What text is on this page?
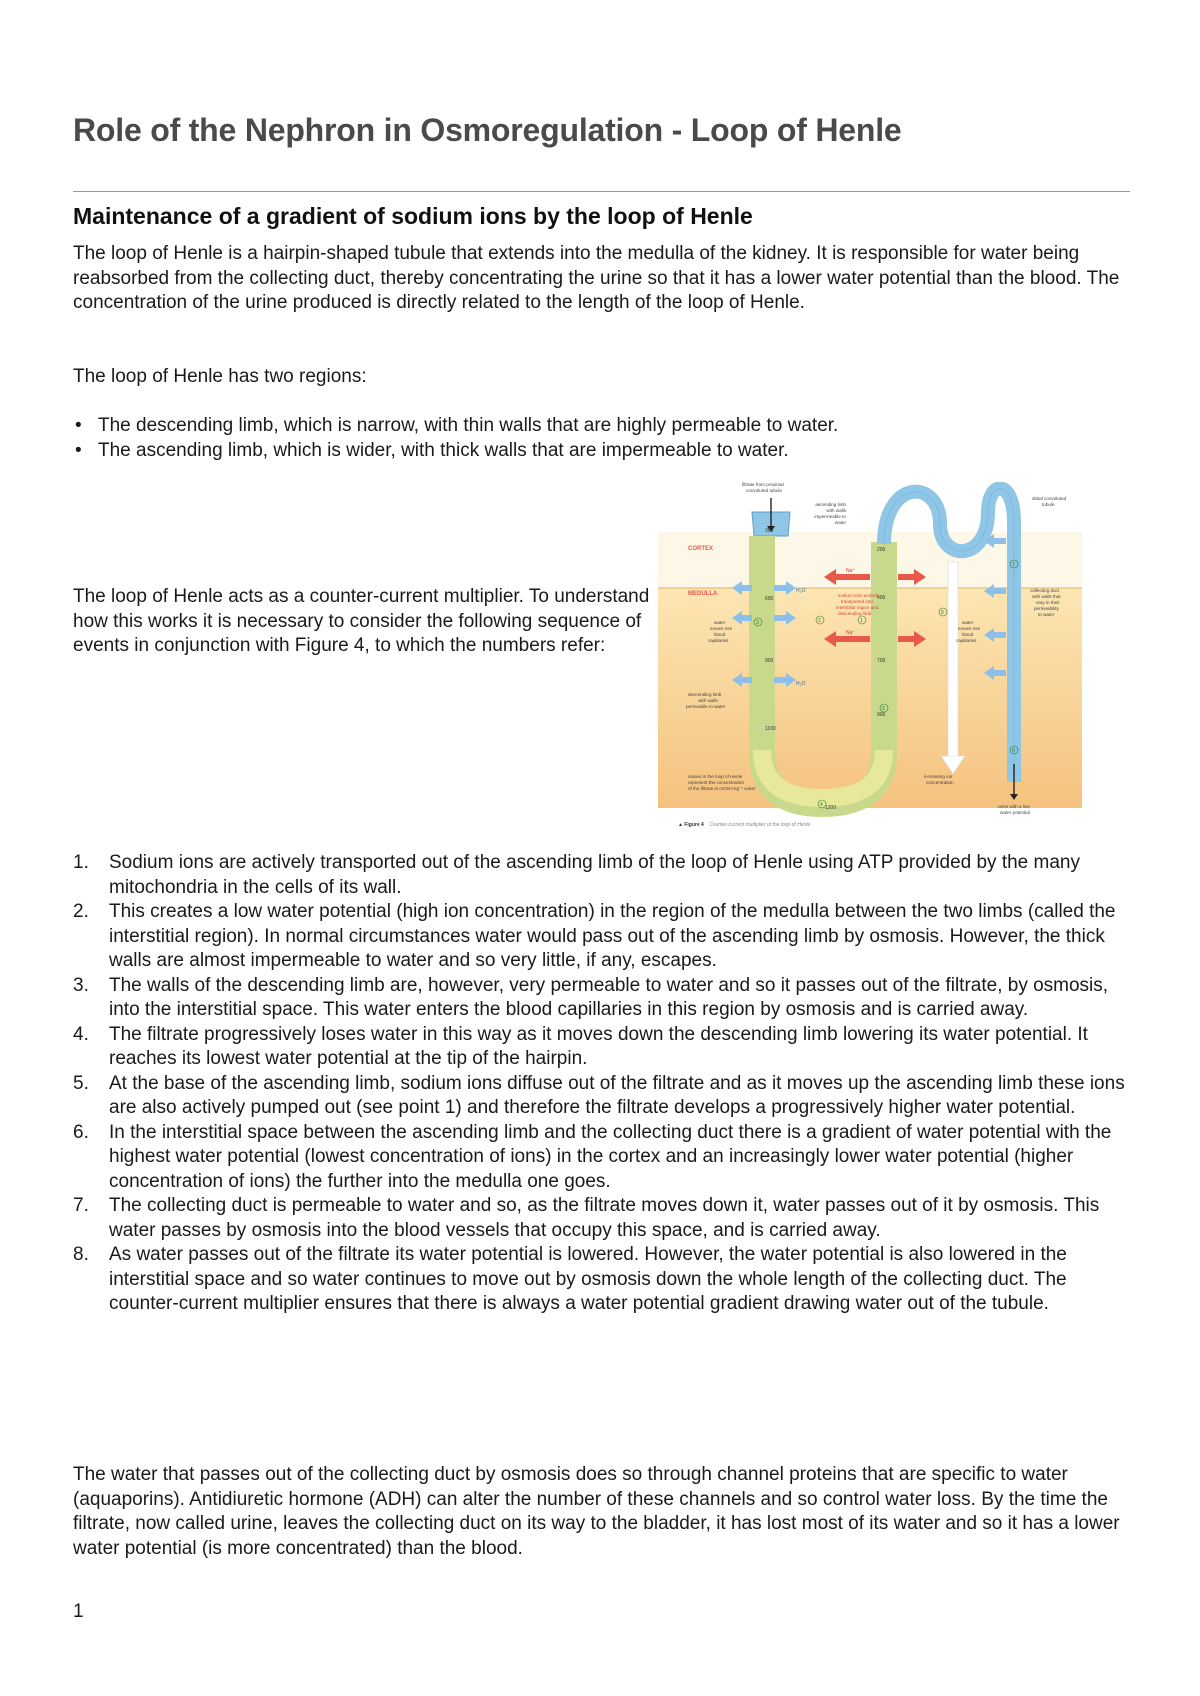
Role of the Nephron in Osmoregulation - Loop of Henle
Maintenance of a gradient of sodium ions by the loop of Henle

The loop of Henle is a hairpin-shaped tubule that extends into the medulla of the kidney. It is responsible for water being reabsorbed from the collecting duct, thereby concentrating the urine so that it has a lower water potential than the blood. The concentration of the urine produced is directly related to the length of the loop of Henle.

The loop of Henle has two regions:

• The descending limb, which is narrow, with thin walls that are highly permeable to water.
• The ascending limb, which is wider, with thick walls that are impermeable to water.

The loop of Henle acts as a counter-current multiplier. To understand how this works it is necessary to consider the following sequence of events in conjunction with Figure 4, to which the numbers refer:

1. Sodium ions are actively transported out of the ascending limb of the loop of Henle using ATP provided by the many mitochondria in the cells of its wall.
2. This creates a low water potential (high ion concentration) in the region of the medulla between the two limbs (called the interstitial region). In normal circumstances water would pass out of the ascending limb by osmosis. However, the thick walls are almost impermeable to water and so very little, if any, escapes.
3. The walls of the descending limb are, however, very permeable to water and so it passes out of the filtrate, by osmosis, into the interstitial space. This water enters the blood capillaries in this region by osmosis and is carried away.
4. The filtrate progressively loses water in this way as it moves down the descending limb lowering its water potential. It reaches its lowest water potential at the tip of the hairpin.
5. At the base of the ascending limb, sodium ions diffuse out of the filtrate and as it moves up the ascending limb these ions are also actively pumped out (see point 1) and therefore the filtrate develops a progressively higher water potential.
6. In the interstitial space between the ascending limb and the collecting duct there is a gradient of water potential with the highest water potential (lowest concentration of ions) in the cortex and an increasingly lower water potential (higher concentration of ions) the further into the medulla one goes.
7. The collecting duct is permeable to water and so, as the filtrate moves down it, water passes out of it by osmosis. This water passes by osmosis into the blood vessels that occupy this space, and is carried away.
8. As water passes out of the filtrate its water potential is lowered. However, the water potential is also lowered in the interstitial space and so water continues to move out by osmosis down the whole length of the collecting duct. The counter-current multiplier ensures that there is always a water potential gradient drawing water out of the tubule.

The water that passes out of the collecting duct by osmosis does so through channel proteins that are specific to water (aquaporins). Antidiuretic hormone (ADH) can alter the number of these channels and so control water loss. By the time the filtrate, now called urine, leaves the collecting duct on its way to the bladder, it has lost most of its water and so it has a lower water potential (is more concentrated) than the blood.

1

CORTEX
MEDULLA
Na⁺
Na⁺
H₂O
H₂O
300
600
900
1100
200
400
700
900
1200
1
2
3
4
5
6
7
8
filtrate from proximal convoluted tubule
ascending limb with walls impermeable to water
distal convoluted tubule
sodium ions actively transported into interstitial region and descending limb
collecting duct with walls that vary in their permeability to water
water moves into blood capillaries
water moves into blood capillaries
descending limb with walls permeable to water
increasing ion concentration
values in the loop of Henle represent the concentration of the filtrate in mOsm kg⁻¹ water
urine with a low water potential
▲ Figure 4 Counter-current multiplier of the loop of Henle
